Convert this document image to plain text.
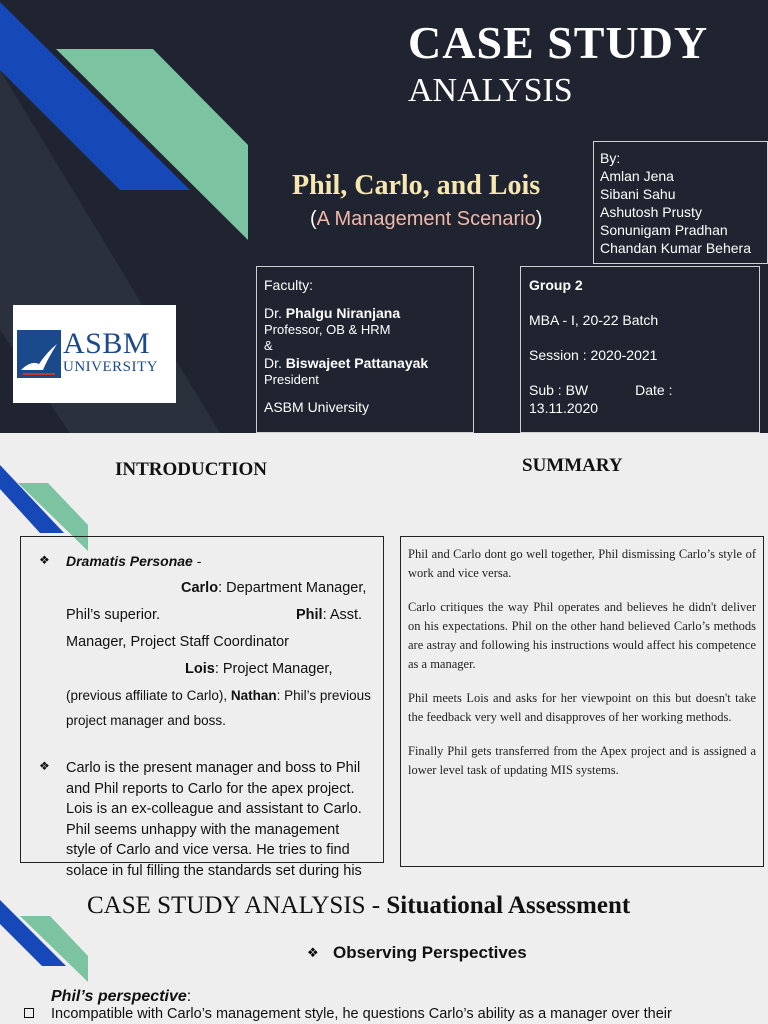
CASE STUDY
ANALYSIS
Phil, Carlo, and Lois
(A Management Scenario)
By:
Amlan Jena
Sibani Sahu
Ashutosh Prusty
Sonunigam Pradhan
Chandan Kumar Behera
ASBM
UNIVERSITY
Faculty:
Dr. Phalgu Niranjana
Professor, OB & HRM
&
Dr. Biswajeet Pattanayak
President
ASBM University
Group 2
MBA - I, 20-22 Batch
Session : 2020-2021
Sub : BW	Date :
13.11.2020
INTRODUCTION	SUMMARY
❖ Dramatis Personae -
Carlo: Department Manager,
Phil’s superior.	Phil: Asst.
Manager, Project Staff Coordinator
Lois: Project Manager,
(previous affiliate to Carlo), Nathan: Phil’s previous
project manager and boss.
❖ Carlo is the present manager and boss to Phil
and Phil reports to Carlo for the apex project.
Lois is an ex-colleague and assistant to Carlo.
Phil seems unhappy with the management
style of Carlo and vice versa. He tries to find
solace in ful filling the standards set during his

Phil and Carlo dont go well together, Phil dismissing Carlo’s style of work and vice versa.

Carlo critiques the way Phil operates and believes he didn't deliver on his expectations. Phil on the other hand believed Carlo’s methods are astray and following his instructions would affect his competence as a manager.

Phil meets Lois and asks for her viewpoint on this but doesn't take the feedback very well and disapproves of her working methods.

Finally Phil gets transferred from the Apex project and is assigned a lower level task of updating MIS systems.

CASE STUDY ANALYSIS - Situational Assessment
❖ Observing Perspectives
Phil’s perspective:
Incompatible with Carlo’s management style, he questions Carlo’s ability as a manager over their
